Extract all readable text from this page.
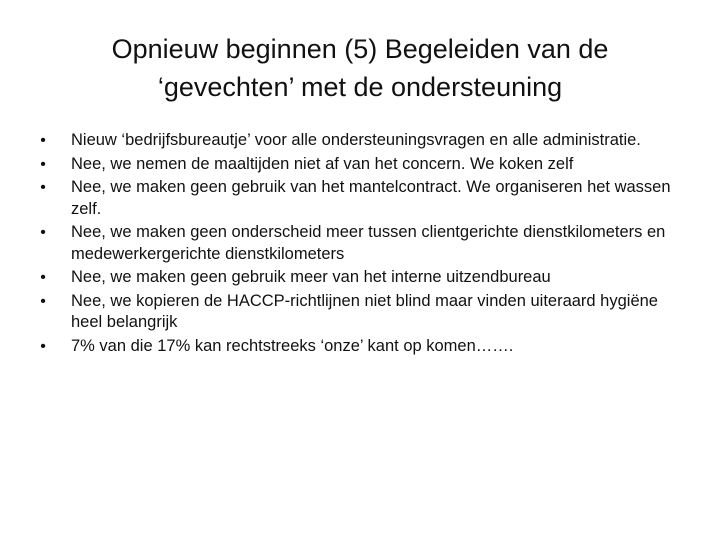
Opnieuw beginnen (5) Begeleiden van de
‘gevechten’ met de ondersteuning
• Nieuw ‘bedrijfsbureautje’ voor alle ondersteuningsvragen en alle administratie.
• Nee, we nemen de maaltijden niet af van het concern. We koken zelf
• Nee, we maken geen gebruik van het mantelcontract. We organiseren het wassen zelf.
• Nee, we maken geen onderscheid meer tussen clientgerichte dienstkilometers en medewerkergerichte dienstkilometers
• Nee, we maken geen gebruik meer van het interne uitzendbureau
• Nee, we kopieren de HACCP-richtlijnen niet blind maar vinden uiteraard hygiëne heel belangrijk
• 7% van die 17% kan rechtstreeks ‘onze’ kant op komen…….
